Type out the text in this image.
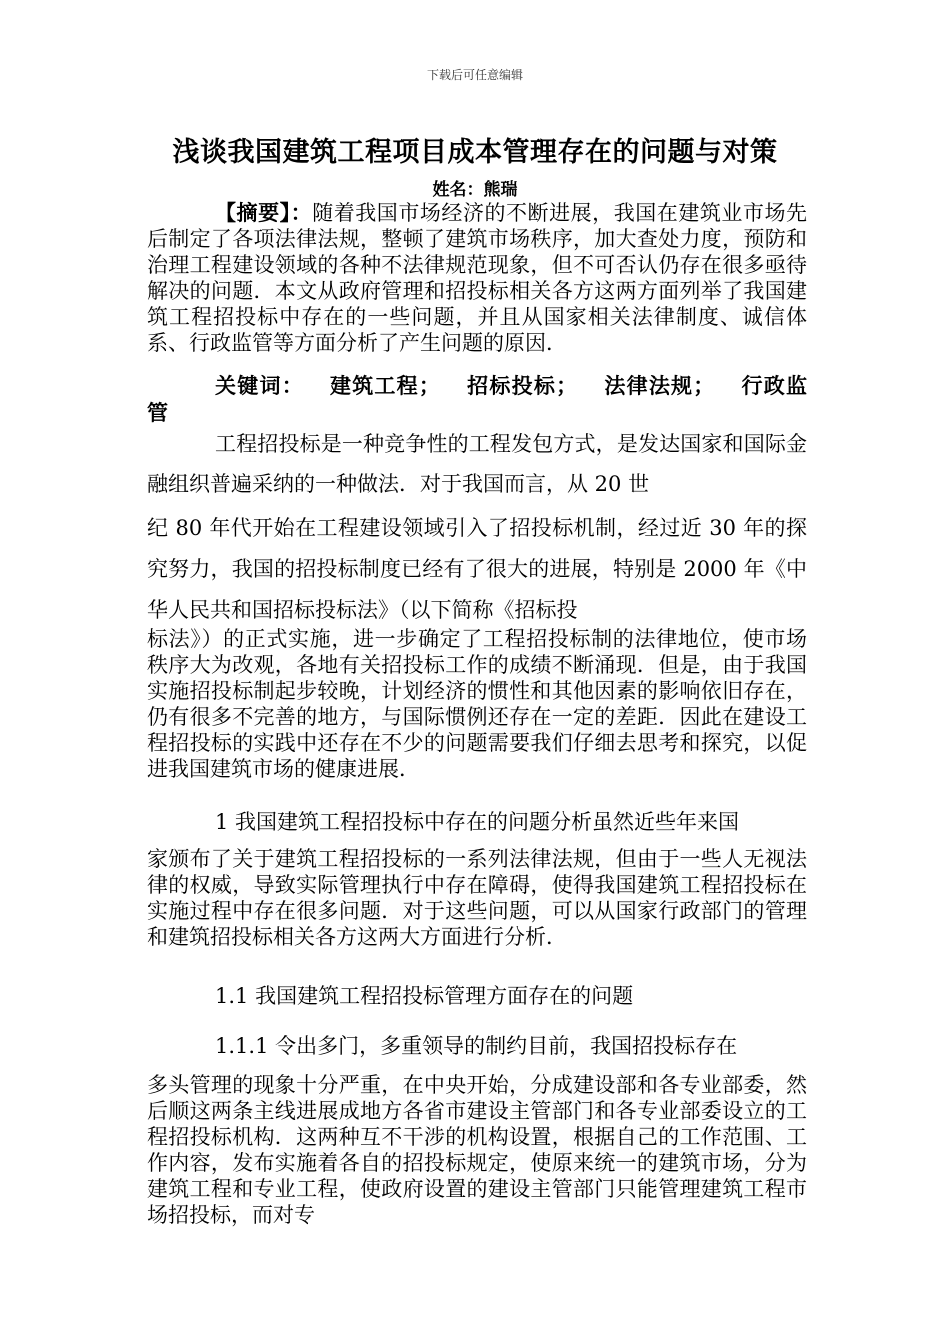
下载后可任意编辑
浅谈我国建筑工程项目成本管理存在的问题与对策
姓名：熊瑞
【摘要】：随着我国市场经济的不断进展，我国在建筑业市场先后制定了各项法律法规，整顿了建筑市场秩序，加大查处力度，预防和治理工程建设领域的各种不法律规范现象，但不可否认仍存在很多亟待解决的问题．本文从政府管理和招投标相关各方这两方面列举了我国建筑工程招投标中存在的一些问题，并且从国家相关法律制度、诚信体系、行政监管等方面分析了产生问题的原因．
关键词： 建筑工程； 招标投标； 法律法规； 行政监管
工程招投标是一种竞争性的工程发包方式，是发达国家和国际金融组织普遍采纳的一种做法．对于我国而言，从 20 世
纪 80 年代开始在工程建设领域引入了招投标机制，经过近 30 年的探究努力，我国的招投标制度已经有了很大的进展，特别是 2000 年《中华人民共和国招标投标法》（以下简称《招标投
标法》）的正式实施，进一步确定了工程招投标制的法律地位，使市场秩序大为改观，各地有关招投标工作的成绩不断涌现．但是，由于我国实施招投标制起步较晚，计划经济的惯性和其他因素的影响依旧存在，仍有很多不完善的地方，与国际惯例还存在一定的差距．因此在建设工程招投标的实践中还存在不少的问题需要我们仔细去思考和探究，以促进我国建筑市场的健康进展．
1 我国建筑工程招投标中存在的问题分析虽然近些年来国
家颁布了关于建筑工程招投标的一系列法律法规，但由于一些人无视法律的权威，导致实际管理执行中存在障碍，使得我国建筑工程招投标在实施过程中存在很多问题．对于这些问题，可以从国家行政部门的管理和建筑招投标相关各方这两大方面进行分析．
1.1 我国建筑工程招投标管理方面存在的问题
1.1.1 令出多门，多重领导的制约目前，我国招投标存在
多头管理的现象十分严重，在中央开始，分成建设部和各专业部委，然后顺这两条主线进展成地方各省市建设主管部门和各专业部委设立的工程招投标机构．这两种互不干涉的机构设置，根据自己的工作范围、工作内容，发布实施着各自的招投标规定，使原来统一的建筑市场，分为建筑工程和专业工程，使政府设置的建设主管部门只能管理建筑工程市场招投标，而对专
